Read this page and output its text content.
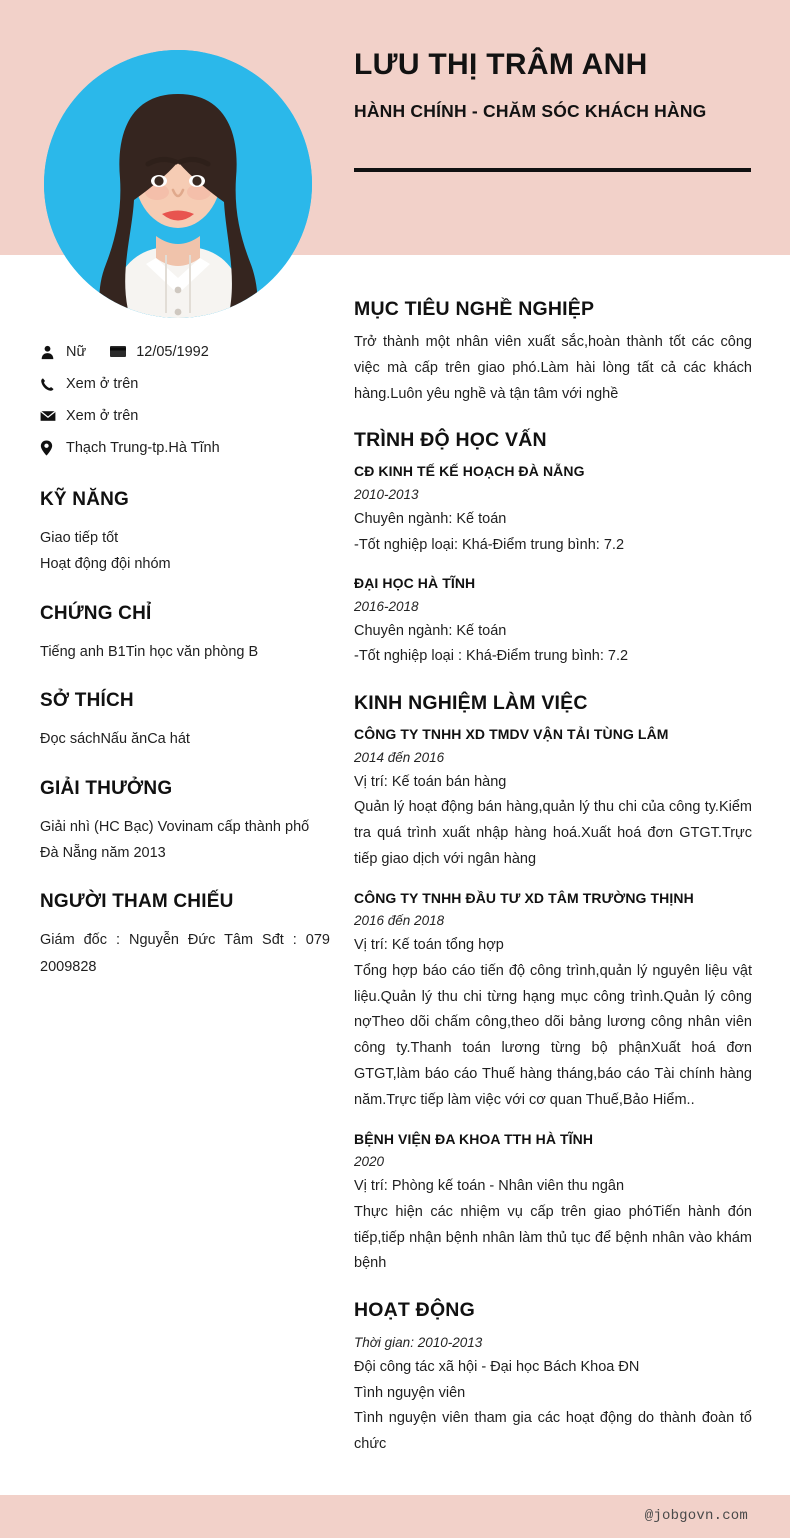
LƯU THỊ TRÂM ANH
HÀNH CHÍNH - CHĂM SÓC KHÁCH HÀNG
@jobgovn.com
Nữ	12/05/1992
Xem ở trên
Xem ở trên
Thạch Trung-tp.Hà Tĩnh
KỸ NĂNG
Giao tiếp tốt
Hoạt động đội nhóm
CHỨNG CHỈ
Tiếng anh B1Tin học văn phòng B
SỞ THÍCH
Đọc sáchNấu ănCa hát
GIẢI THƯỞNG
Giải nhì (HC Bạc) Vovinam cấp thành phố Đà Nẵng năm 2013
NGƯỜI THAM CHIẾU
Giám đốc : Nguyễn Đức Tâm Sđt : 079 2009828
MỤC TIÊU NGHỀ NGHIỆP
Trở thành một nhân viên xuất sắc,hoàn thành tốt các công việc mà cấp trên giao phó.Làm hài lòng tất cả các khách hàng.Luôn yêu nghề và tận tâm với nghề
TRÌNH ĐỘ HỌC VẤN
CĐ KINH TẾ KẾ HOẠCH ĐÀ NẴNG
2010-2013
Chuyên ngành: Kế toán
-Tốt nghiệp loại: Khá-Điểm trung bình: 7.2
ĐẠI HỌC HÀ TĨNH
2016-2018
Chuyên ngành: Kế toán
-Tốt nghiệp loại : Khá-Điểm trung bình: 7.2
KINH NGHIỆM LÀM VIỆC
CÔNG TY TNHH XD TMDV VẬN TẢI TÙNG LÂM
2014 đến 2016
Vị trí: Kế toán bán hàng
Quản lý hoạt động bán hàng,quản lý thu chi của công ty.Kiểm tra quá trình xuất nhập hàng hoá.Xuất hoá đơn GTGT.Trực tiếp giao dịch với ngân hàng
CÔNG TY TNHH ĐẦU TƯ XD TÂM TRƯỜNG THỊNH
2016 đến 2018
Vị trí: Kế toán tổng hợp
Tổng hợp báo cáo tiến độ công trình,quản lý nguyên liệu vật liệu.Quản lý thu chi từng hạng mục công trình.Quản lý công nợTheo dõi chấm công,theo dõi bảng lương công nhân viên công ty.Thanh toán lương từng bộ phậnXuất hoá đơn GTGT,làm báo cáo Thuế hàng tháng,báo cáo Tài chính hàng năm.Trực tiếp làm việc với cơ quan Thuế,Bảo Hiểm..
BỆNH VIỆN ĐA KHOA TTH HÀ TĨNH
2020
Vị trí: Phòng kế toán - Nhân viên thu ngân
Thực hiện các nhiệm vụ cấp trên giao phóTiến hành đón tiếp,tiếp nhận bệnh nhân làm thủ tục để bệnh nhân vào khám bệnh
HOẠT ĐỘNG
Thời gian: 2010-2013
Đội công tác xã hội - Đại học Bách Khoa ĐN
Tình nguyện viên
Tình nguyện viên tham gia các hoạt động do thành đoàn tổ chức
